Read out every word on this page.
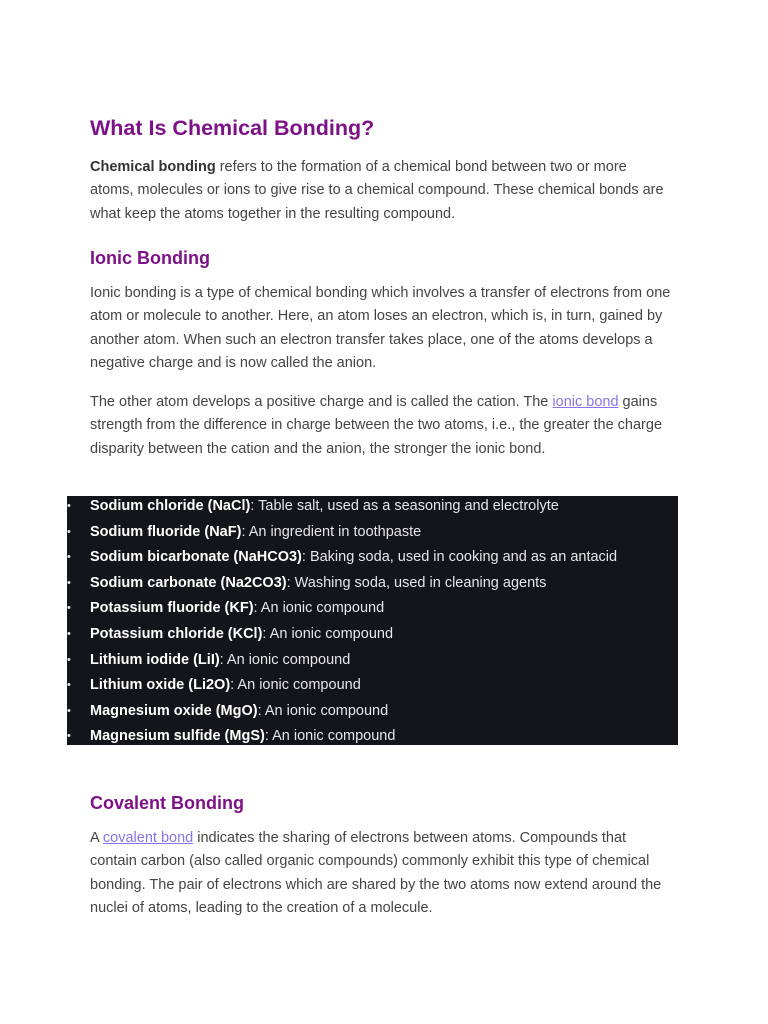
What Is Chemical Bonding?

Chemical bonding refers to the formation of a chemical bond between two or more atoms, molecules or ions to give rise to a chemical compound. These chemical bonds are what keep the atoms together in the resulting compound.

Ionic Bonding

Ionic bonding is a type of chemical bonding which involves a transfer of electrons from one atom or molecule to another. Here, an atom loses an electron, which is, in turn, gained by another atom. When such an electron transfer takes place, one of the atoms develops a negative charge and is now called the anion.

The other atom develops a positive charge and is called the cation. The ionic bond gains strength from the difference in charge between the two atoms, i.e., the greater the charge disparity between the cation and the anion, the stronger the ionic bond.

• Sodium chloride (NaCl): Table salt, used as a seasoning and electrolyte
• Sodium fluoride (NaF): An ingredient in toothpaste
• Sodium bicarbonate (NaHCO3): Baking soda, used in cooking and as an antacid
• Sodium carbonate (Na2CO3): Washing soda, used in cleaning agents
• Potassium fluoride (KF): An ionic compound
• Potassium chloride (KCl): An ionic compound
• Lithium iodide (LiI): An ionic compound
• Lithium oxide (Li2O): An ionic compound
• Magnesium oxide (MgO): An ionic compound
• Magnesium sulfide (MgS): An ionic compound
Covalent Bonding

A covalent bond indicates the sharing of electrons between atoms. Compounds that contain carbon (also called organic compounds) commonly exhibit this type of chemical bonding. The pair of electrons which are shared by the two atoms now extend around the nuclei of atoms, leading to the creation of a molecule.
